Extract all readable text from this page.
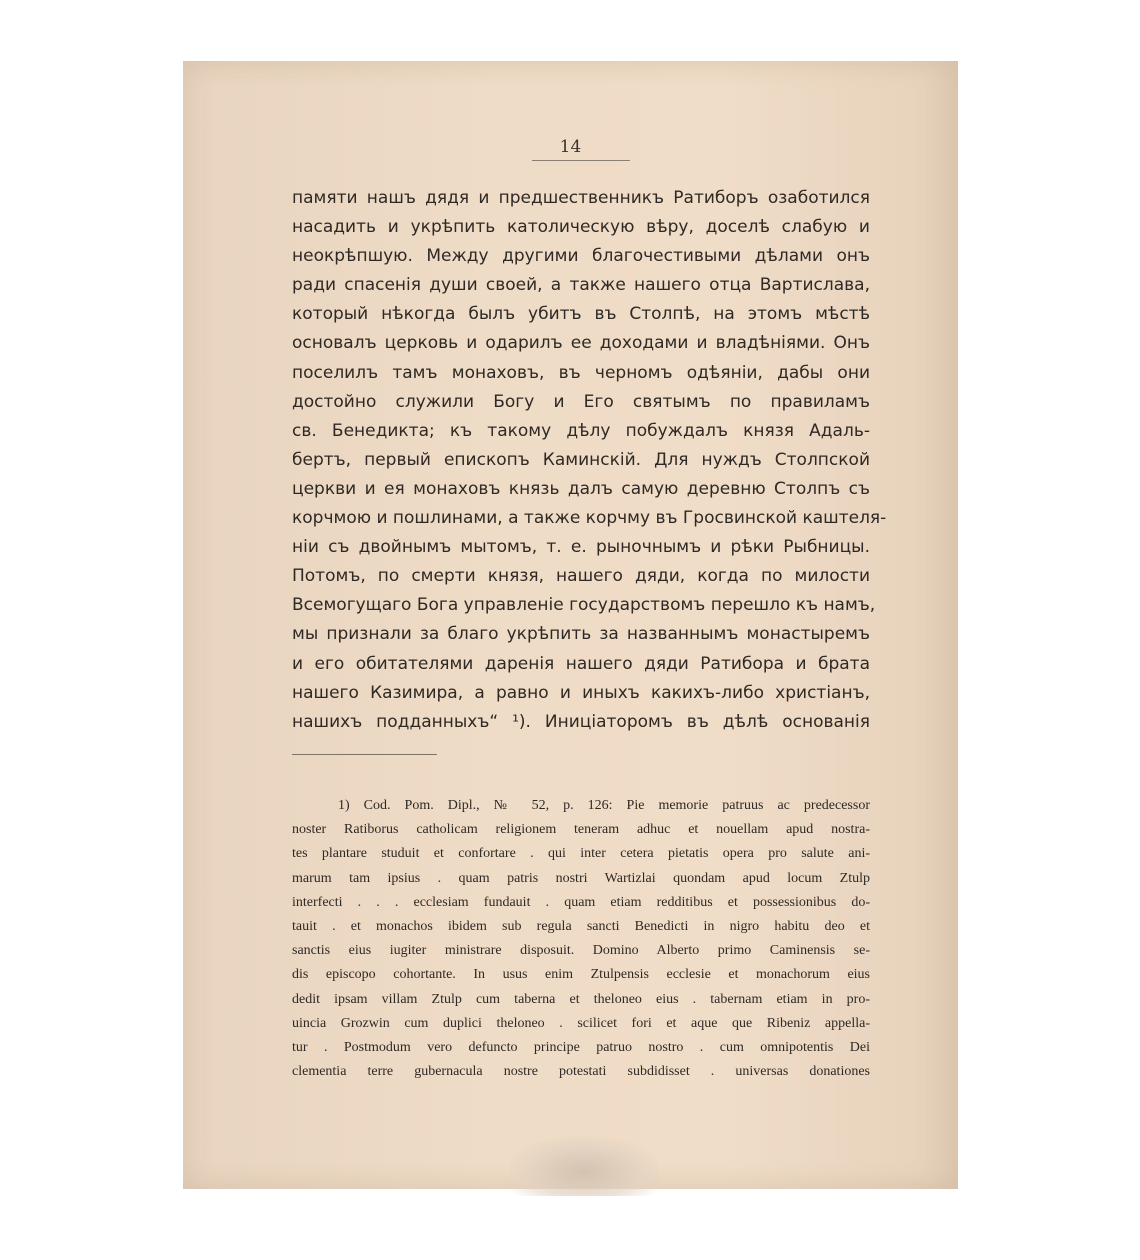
14
памяти нашъ дядя и предшественникъ Ратиборъ озаботился
насадить и укрѣпить католическую вѣру, доселѣ слабую и
неокрѣпшую. Между другими благочестивыми дѣлами онъ
ради спасенія души своей, а также нашего отца Вартислава,
который нѣкогда былъ убитъ въ Столпѣ, на этомъ мѣстѣ
основалъ церковь и одарилъ ее доходами и владѣніями. Онъ
поселилъ тамъ монаховъ, въ черномъ одѣяніи, дабы они
достойно служили Богу и Его святымъ по правиламъ
св. Бенедикта; къ такому дѣлу побуждалъ князя Адаль-
бертъ, первый епископъ Каминскій. Для нуждъ Столпской
церкви и ея монаховъ князь далъ самую деревню Столпъ съ
корчмою и пошлинами, а также корчму въ Гросвинской каштеля-
ніи съ двойнымъ мытомъ, т. е. рыночнымъ и рѣки Рыбницы.
Потомъ, по смерти князя, нашего дяди, когда по милости
Всемогущаго Бога управленіе государствомъ перешло къ намъ,
мы признали за благо укрѣпить за названнымъ монастыремъ
и его обитателями даренія нашего дяди Ратибора и брата
нашего Казимира, а равно и иныхъ какихъ-либо христіанъ,
нашихъ подданныхъ“ ¹). Иниціаторомъ въ дѣлѣ основанія
1) Cod. Pom. Dipl., № 52, p. 126: Pie memorie patruus ac predecessor
noster Ratiborus catholicam religionem teneram adhuc et nouellam apud nostra-
tes plantare studuit et confortare . qui inter cetera pietatis opera pro salute ani-
marum tam ipsius . quam patris nostri Wartizlai quondam apud locum Ztulp
interfecti . . . ecclesiam fundauit . quam etiam redditibus et possessionibus do-
tauit . et monachos ibidem sub regula sancti Benedicti in nigro habitu deo et
sanctis eius iugiter ministrare disposuit. Domino Alberto primo Caminensis se-
dis episcopo cohortante. In usus enim Ztulpensis ecclesie et monachorum eius
dedit ipsam villam Ztulp cum taberna et theloneo eius . tabernam etiam in pro-
uincia Grozwin cum duplici theloneo . scilicet fori et aque que Ribeniz appella-
tur . Postmodum vero defuncto principe patruo nostro . cum omnipotentis Dei
clementia terre gubernacula nostre potestati subdidisset . universas donationes
